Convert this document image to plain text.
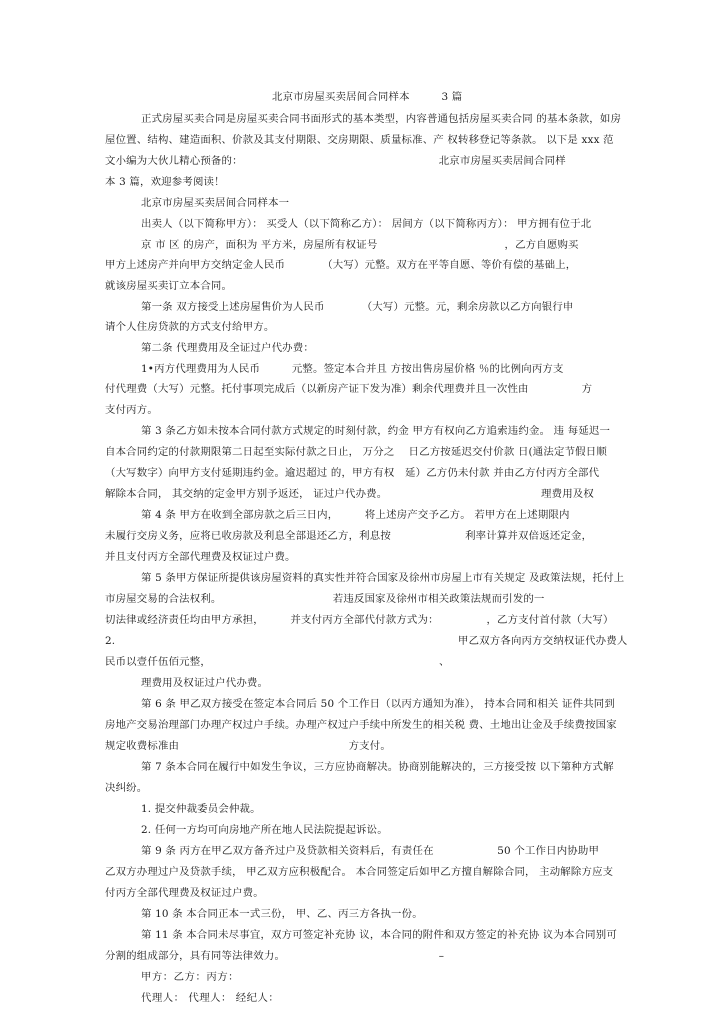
北京市房屋买卖居间合同样本　　　3 篇
正式房屋买卖合同是房屋买卖合同书面形式的基本类型，内容普通包括房屋买卖合同 的基本条款，如房
屋位置、结构、建造面积、价款及其支付期限、交房期限、质量标准、产 权转移登记等条款。 以下是 xxx 范
文小编为大伙儿精心预备的：　　　　　　　　　　　　　　　　　　　北京市房屋买卖居间合同样
本 3 篇，欢迎参考阅读！
北京市房屋买卖居间合同样本一
出卖人（以下简称甲方）： 买受人（以下简称乙方）： 居间方（以下简称丙方）： 甲方拥有位于北
京 市 区 的房产，面积为 平方米，房屋所有权证号　　　　　　　　　　　　，乙方自愿购买
甲方上述房产并向甲方交纳定金人民币　　　　（大写）元整。双方在平等自愿、等价有偿的基础上，
就该房屋买卖订立本合同。
第一条 双方接受上述房屋售价为人民币　　　　（大写）元整。元，剩余房款以乙方向银行申
请个人住房贷款的方式支付给甲方。
第二条 代理费用及全证过户代办费：
1•丙方代理费用为人民币　　　元整。签定本合并且 方按出售房屋价格 ％的比例向丙方支
付代理费（大写）元整。托付事项完成后（以新房产证下发为准）剩余代理费并且一次性由　　　　　方
支付丙方。
第 3 条乙方如未按本合同付款方式规定的时刻付款，约金 甲方有权向乙方追索违约金。 违 每延迟一
自本合同约定的付款期限第二日起至实际付款之日止， 万分之　 日乙方按延迟交付价款 日(通法定节假日顺
（大写数字）向甲方支付延期违约金。逾迟超过 的，甲方有权　延）乙方仍未付款 并由乙方付丙方全部代
解除本合同， 其交纳的定金甲方别予返还， 证过户代办费。　　　　　　　　　　　　　　　理费用及权
第 4 条 甲方在收到全部房款之后三日内，　　　将上述房产交予乙方。 若甲方在上述期限内
未履行交房义务，应将已收房款及利息全部退还乙方，利息按　　　　　　　利率计算并双倍返还定金，
并且支付丙方全部代理费及权证过户费。
第 5 条甲方保证所提供该房屋资料的真实性并符合国家及徐州市房屋上市有关规定 及政策法规，托付上
市房屋交易的合法权利。　　　　　　　　　　　若违反国家及徐州市相关政策法规而引发的一
切法律或经济责任均由甲方承担，　　　并支付丙方全部代付款方式为：　　　　　，乙方支付首付款（大写）
2.	甲乙双方各向丙方交纳权证代办费人
民币以壹仟伍佰元整，	、
理费用及权证过户代办费。
第 6 条 甲乙双方接受在签定本合同后 50 个工作日（以丙方通知为准）， 持本合同和相关 证件共同到
房地产交易治理部门办理产权过户手续。办理产权过户手续中所发生的相关税 费、土地出让金及手续费按国家
规定收费标准由　　　　　　　　　　　　　　　　方支付。
第 7 条本合同在履行中如发生争议，三方应协商解决。协商别能解决的，三方接受按 以下第种方式解
决纠纷。
1. 提交仲裁委员会仲裁。
2. 任何一方均可向房地产所在地人民法院提起诉讼。
第 9 条 丙方在甲乙双方备齐过户及贷款相关资料后，有责任在　　　　　　50 个工作日内协助甲
乙双方办理过户及贷款手续， 甲乙双方应积极配合。 本合同签定后如甲乙方擅自解除合同， 主动解除方应支
付丙方全部代理费及权证过户费。
第 10 条 本合同正本一式三份， 甲、乙、丙三方各执一份。
第 11 条 本合同未尽事宜，双方可签定补充协 议，本合同的附件和双方签定的补充协 议为本合同别可
分割的组成部分，具有同等法律效力。　　　　　　　　　　　　　　　–
甲方：乙方：丙方：
代理人： 代理人： 经纪人：
